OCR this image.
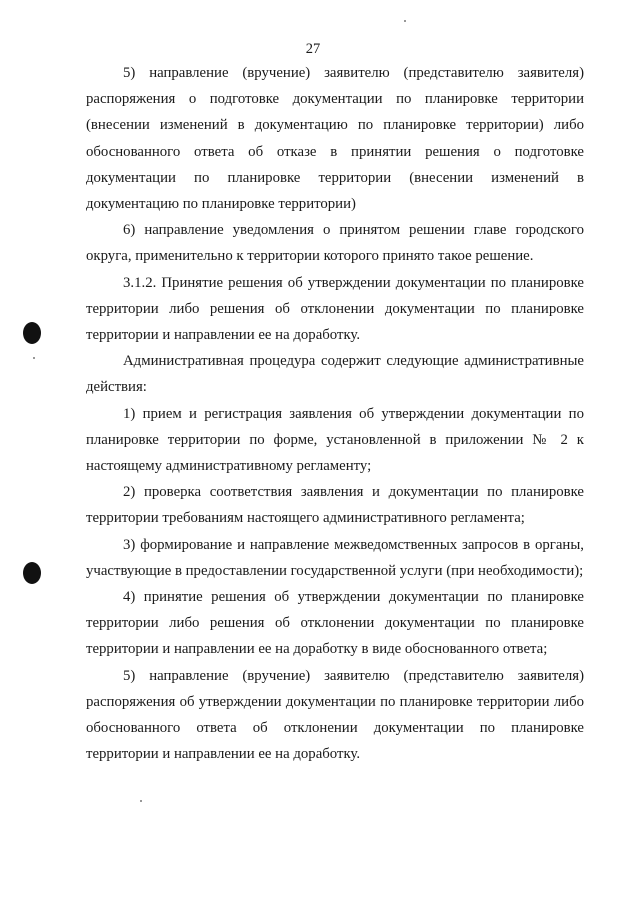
27

5) направление (вручение) заявителю (представителю заявителя) распоряжения о подготовке документации по планировке территории (внесении изменений в документацию по планировке территории) либо обоснованного ответа об отказе в принятии решения о подготовке документации по планировке территории (внесении изменений в документацию по планировке территории)

6) направление уведомления о принятом решении главе городского округа, применительно к территории которого принято такое решение.

3.1.2. Принятие решения об утверждении документации по планировке территории либо решения об отклонении документации по планировке территории и направлении ее на доработку.

Административная процедура содержит следующие административные действия:

1) прием и регистрация заявления об утверждении документации по планировке территории по форме, установленной в приложении № 2 к настоящему административному регламенту;

2) проверка соответствия заявления и документации по планировке территории требованиям настоящего административного регламента;

3) формирование и направление межведомственных запросов в органы, участвующие в предоставлении государственной услуги (при необходимости);

4) принятие решения об утверждении документации по планировке территории либо решения об отклонении документации по планировке территории и направлении ее на доработку в виде обоснованного ответа;

5) направление (вручение) заявителю (представителю заявителя) распоряжения об утверждении документации по планировке территории либо обоснованного ответа об отклонении документации по планировке территории и направлении ее на доработку.
